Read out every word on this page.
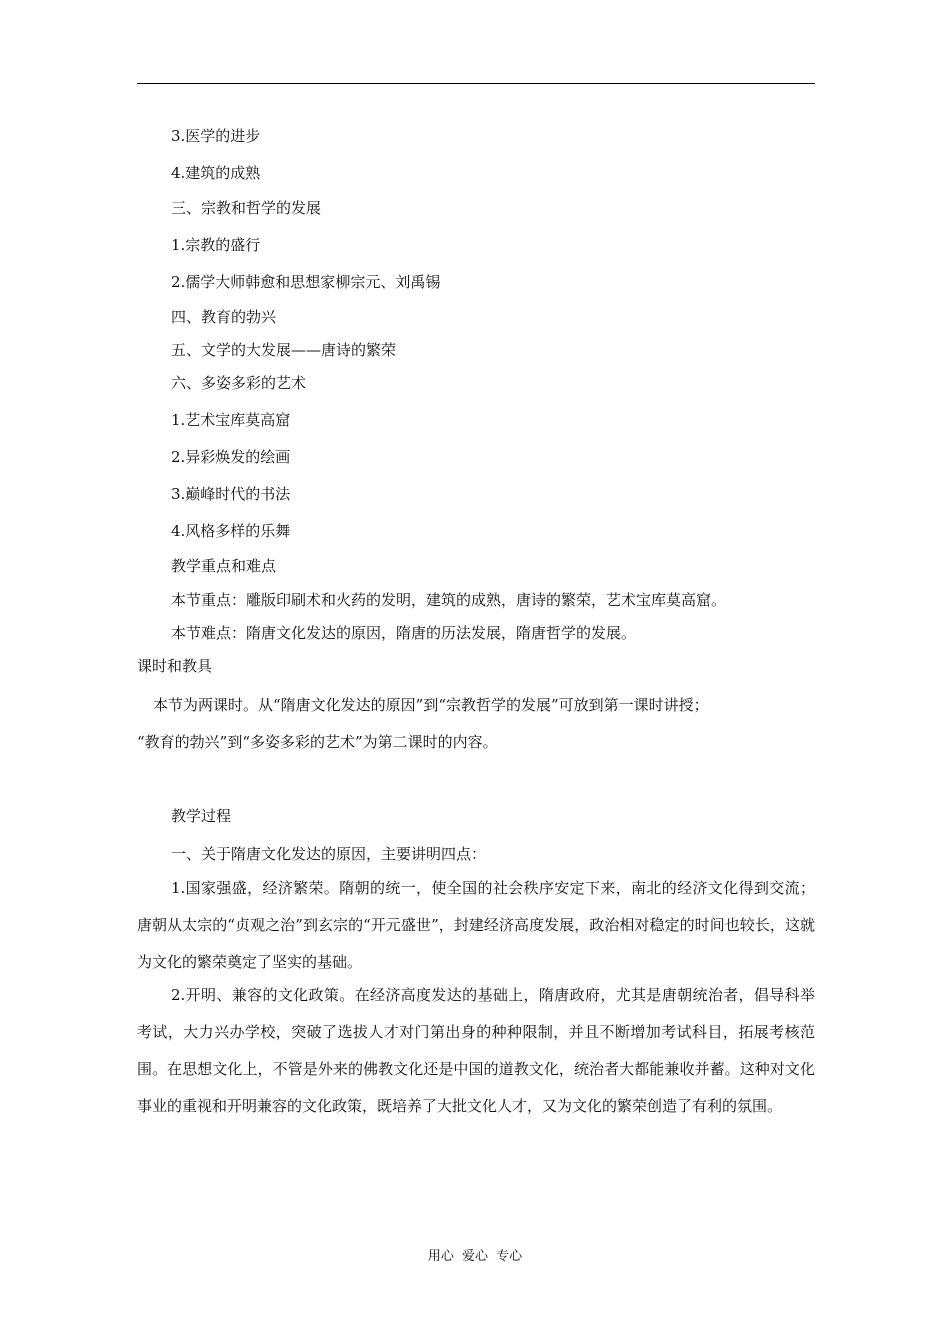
3.医学的进步
4.建筑的成熟
三、宗教和哲学的发展
1.宗教的盛行
2.儒学大师韩愈和思想家柳宗元、刘禹锡
四、教育的勃兴
五、文学的大发展——唐诗的繁荣
六、多姿多彩的艺术
1.艺术宝库莫高窟
2.异彩焕发的绘画
3.巅峰时代的书法
4.风格多样的乐舞
教学重点和难点
本节重点：雕版印刷术和火药的发明，建筑的成熟，唐诗的繁荣，艺术宝库莫高窟。
本节难点：隋唐文化发达的原因，隋唐的历法发展，隋唐哲学的发展。
课时和教具
本节为两课时。从“隋唐文化发达的原因”到“宗教哲学的发展”可放到第一课时讲授；
“教育的勃兴”到“多姿多彩的艺术”为第二课时的内容。
教学过程
一、关于隋唐文化发达的原因，主要讲明四点：
1.国家强盛，经济繁荣。隋朝的统一，使全国的社会秩序安定下来，南北的经济文化得到交流；唐朝从太宗的“贞观之治”到玄宗的“开元盛世”，封建经济高度发展，政治相对稳定的时间也较长，这就为文化的繁荣奠定了坚实的基础。
2.开明、兼容的文化政策。在经济高度发达的基础上，隋唐政府，尤其是唐朝统治者，倡导科举考试，大力兴办学校，突破了选拔人才对门第出身的种种限制，并且不断增加考试科目，拓展考核范围。在思想文化上，不管是外来的佛教文化还是中国的道教文化，统治者大都能兼收并蓄。这种对文化事业的重视和开明兼容的文化政策，既培养了大批文化人才，又为文化的繁荣创造了有利的氛围。
用心 爱心 专心
